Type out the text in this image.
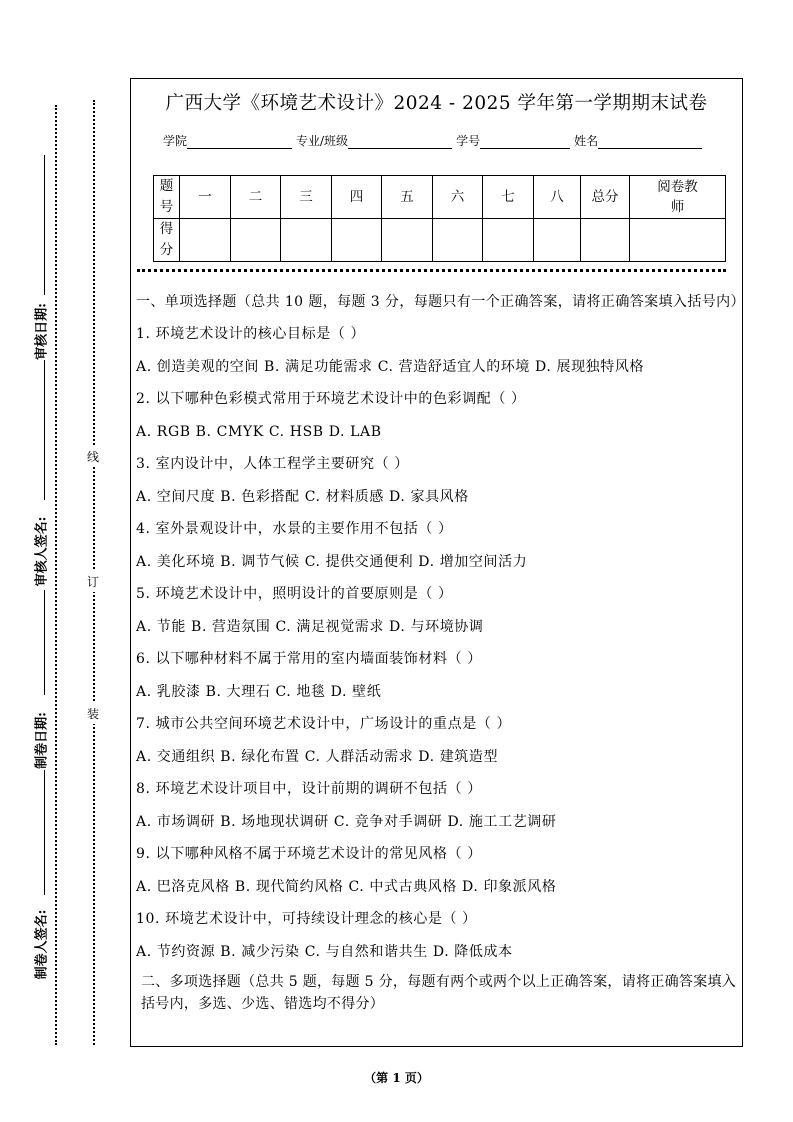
审核日期:
审核人签名:
制卷日期:
制卷人签名:
线
订
装
广西大学《环境艺术设计》2024 - 2025 学年第一学期期末试卷
学院	专业/班级	学号	姓名
题号	一	二	三	四	五	六	七	八	总分	阅卷教师
得分										

一、单项选择题（总共 10 题，每题 3 分，每题只有一个正确答案，请将正确答案填入括号内）

1. 环境艺术设计的核心目标是（ ）

A. 创造美观的空间 B. 满足功能需求 C. 营造舒适宜人的环境 D. 展现独特风格

2. 以下哪种色彩模式常用于环境艺术设计中的色彩调配（ ）

A. RGB B. CMYK C. HSB D. LAB

3. 室内设计中，人体工程学主要研究（ ）

A. 空间尺度 B. 色彩搭配 C. 材料质感 D. 家具风格

4. 室外景观设计中，水景的主要作用不包括（ ）

A. 美化环境 B. 调节气候 C. 提供交通便利 D. 增加空间活力

5. 环境艺术设计中，照明设计的首要原则是（ ）

A. 节能 B. 营造氛围 C. 满足视觉需求 D. 与环境协调

6. 以下哪种材料不属于常用的室内墙面装饰材料（ ）

A. 乳胶漆 B. 大理石 C. 地毯 D. 壁纸

7. 城市公共空间环境艺术设计中，广场设计的重点是（ ）

A. 交通组织 B. 绿化布置 C. 人群活动需求 D. 建筑造型

8. 环境艺术设计项目中，设计前期的调研不包括（ ）

A. 市场调研 B. 场地现状调研 C. 竞争对手调研 D. 施工工艺调研

9. 以下哪种风格不属于环境艺术设计的常见风格（ ）

A. 巴洛克风格 B. 现代简约风格 C. 中式古典风格 D. 印象派风格

10. 环境艺术设计中，可持续设计理念的核心是（ ）

A. 节约资源 B. 减少污染 C. 与自然和谐共生 D. 降低成本

二、多项选择题（总共 5 题，每题 5 分，每题有两个或两个以上正确答案，请将正确答案填入括号内，多选、少选、错选均不得分）

（第 1 页）
